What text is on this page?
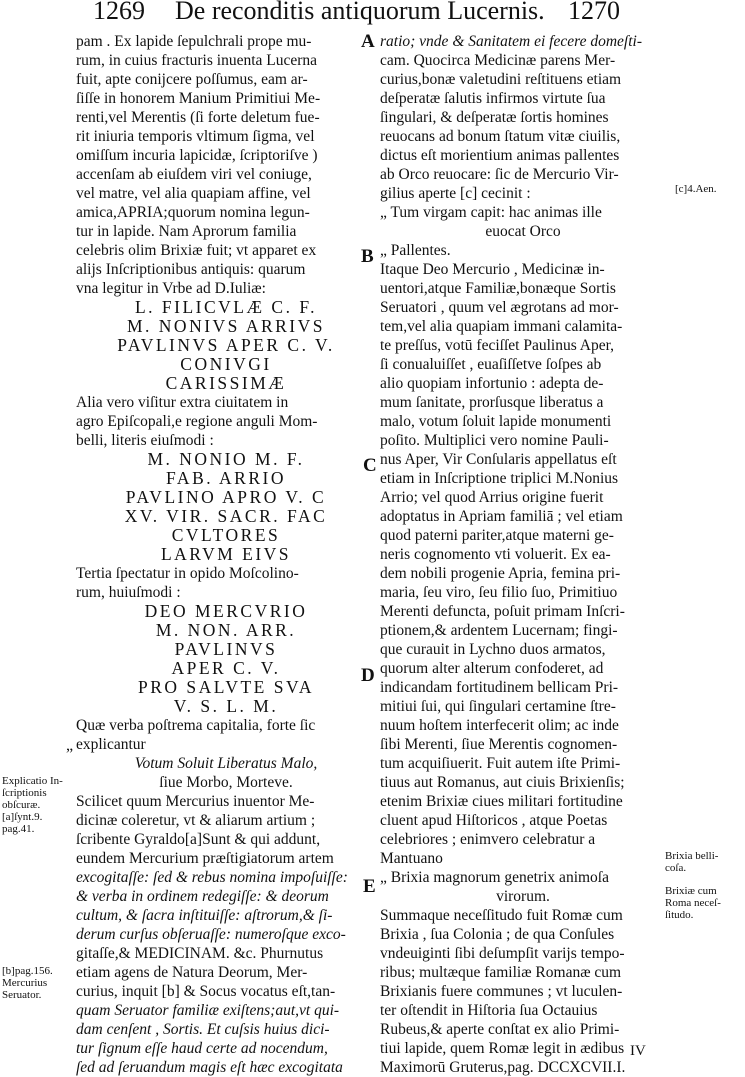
1269 De reconditis antiquorum Lucernis. 1270
pam . Ex lapide ſepulchrali prope mu-
rum, in cuius fracturis inuenta Lucerna
fuit, apte conijcere poſſumus, eam ar-
ſiſſe in honorem Manium Primitiui Me-
renti,vel Merentis (ſi forte deletum fue-
rit iniuria temporis vltimum ſigma, vel
omiſſum incuria lapicidæ, ſcriptoriſve )
accenſam ab eiuſdem viri vel coniuge,
vel matre, vel alia quapiam affine, vel
amica,APRIA;quorum nomina legun-
tur in lapide. Nam Aprorum familia
celebris olim Brixiæ fuit; vt apparet ex
alijs Inſcriptionibus antiquis: quarum
vna legitur in Vrbe ad D.Iuliæ:
L. FILICVLÆ C. F.
M. NONIVS ARRIVS
PAVLINVS APER C. V.
CONIVGI
CARISSIMÆ
Alia vero viſitur extra ciuitatem in
agro Epiſcopali,e regione anguli Mom-
belli, literis eiuſmodi :
M. NONIO M. F.
FAB. ARRIO
PAVLINO APRO V. C
XV. VIR. SACR. FAC
CVLTORES
LARVM EIVS
Tertia ſpectatur in opido Moſcolino-
rum, huiuſmodi :
DEO MERCVRIO
M. NON. ARR.
PAVLINVS
APER C. V.
PRO SALVTE SVA
V. S. L. M.
Quæ verba poſtrema capitalia, forte ſic
explicantur
Votum Soluit Liberatus Malo,
ſiue Morbo, Morteve.
Scilicet quum Mercurius inuentor Me-
dicinæ coleretur, vt & aliarum artium ;
ſcribente Gyraldo[a]Sunt & qui addunt,
eundem Mercurium præſtigiatorum artem
excogitaſſe: ſed & rebus nomina impoſuiſſe:
& verba in ordinem redegiſſe: & deorum
cultum, & ſacra inſtituiſſe: aſtrorum,& ſi-
derum curſus obſeruaſſe: numeroſque exco-
gitaſſe,& MEDICINAM. &c. Phurnutus
etiam agens de Natura Deorum, Mer-
curius, inquit [b] & Socus vocatus eſt,tan-
quam Seruator familiæ exiſtens;aut,vt qui-
dam cenſent , Sortis. Et cuſsis huius dici-
tur ſignum eſſe haud certe ad nocendum,
ſed ad ſeruandum magis eſt hæc excogitata
ratio; vnde & Sanitatem ei fecere domeſti-
cam. Quocirca Medicinæ parens Mer-
curius,bonæ valetudini reſtituens etiam
deſperatæ ſalutis infirmos virtute ſua
ſingulari, & deſperatæ ſortis homines
reuocans ad bonum ſtatum vitæ ciuilis,
dictus eſt morientium animas pallentes
ab Orco reuocare: ſic de Mercurio Vir-
gilius aperte [c] cecinit :
„ Tum virgam capit: hac animas ille
euocat Orco
„ Pallentes.
Itaque Deo Mercurio , Medicinæ in-
uentori,atque Familiæ,bonæque Sortis
Seruatori , quum vel ægrotans ad mor-
tem,vel alia quapiam immani calamita-
te preſſus, votū feciſſet Paulinus Aper,
ſi conualuiſſet , euaſiſſetve ſoſpes ab
alio quopiam infortunio : adepta de-
mum ſanitate, prorſusque liberatus a
malo, votum ſoluit lapide monumenti
poſito. Multiplici vero nomine Pauli-
nus Aper, Vir Conſularis appellatus eſt
etiam in Inſcriptione triplici M.Nonius
Arrio; vel quod Arrius origine fuerit
adoptatus in Apriam familiā ; vel etiam
quod paterni pariter,atque materni ge-
neris cognomento vti voluerit. Ex ea-
dem nobili progenie Apria, femina pri-
maria, ſeu viro, ſeu filio ſuo, Primitiuo
Merenti defuncta, poſuit primam Inſcri-
ptionem,& ardentem Lucernam; fingi-
que curauit in Lychno duos armatos,
quorum alter alterum confoderet, ad
indicandam fortitudinem bellicam Pri-
mitiui ſui, qui ſingulari certamine ſtre-
nuum hoſtem interfecerit olim; ac inde
ſibi Merenti, ſiue Merentis cognomen-
tum acquiſiuerit. Fuit autem iſte Primi-
tiuus aut Romanus, aut ciuis Brixienſis;
etenim Brixiæ ciues militari fortitudine
cluent apud Hiſtoricos , atque Poetas
celebriores ; enimvero celebratur a
Mantuano
„ Brixia magnorum genetrix animoſa
virorum.
Summaque neceſſitudo fuit Romæ cum
Brixia , ſua Colonia ; de qua Conſules
vndeuiginti ſibi deſumpſit varijs tempo-
ribus; multæque familiæ Romanæ cum
Brixianis fuere communes ; vt luculen-
ter oſtendit in Hiſtoria ſua Octauius
Rubeus,& aperte conſtat ex alio Primi-
tiui lapide, quem Romæ legit in ædibus
Maximorū Gruterus,pag. DCCXCVII.I.
A
B
C
D
E
„
Explicatio In-
ſcriptionis
obſcuræ.
[a]ſynt.9.
pag.41.
[b]pag.156.
Mercurius
Seruator.
[c]4.Aen.
Brixia belli-
coſa.
Brixiæ cum
Roma neceſ-
ſitudo.
IV
